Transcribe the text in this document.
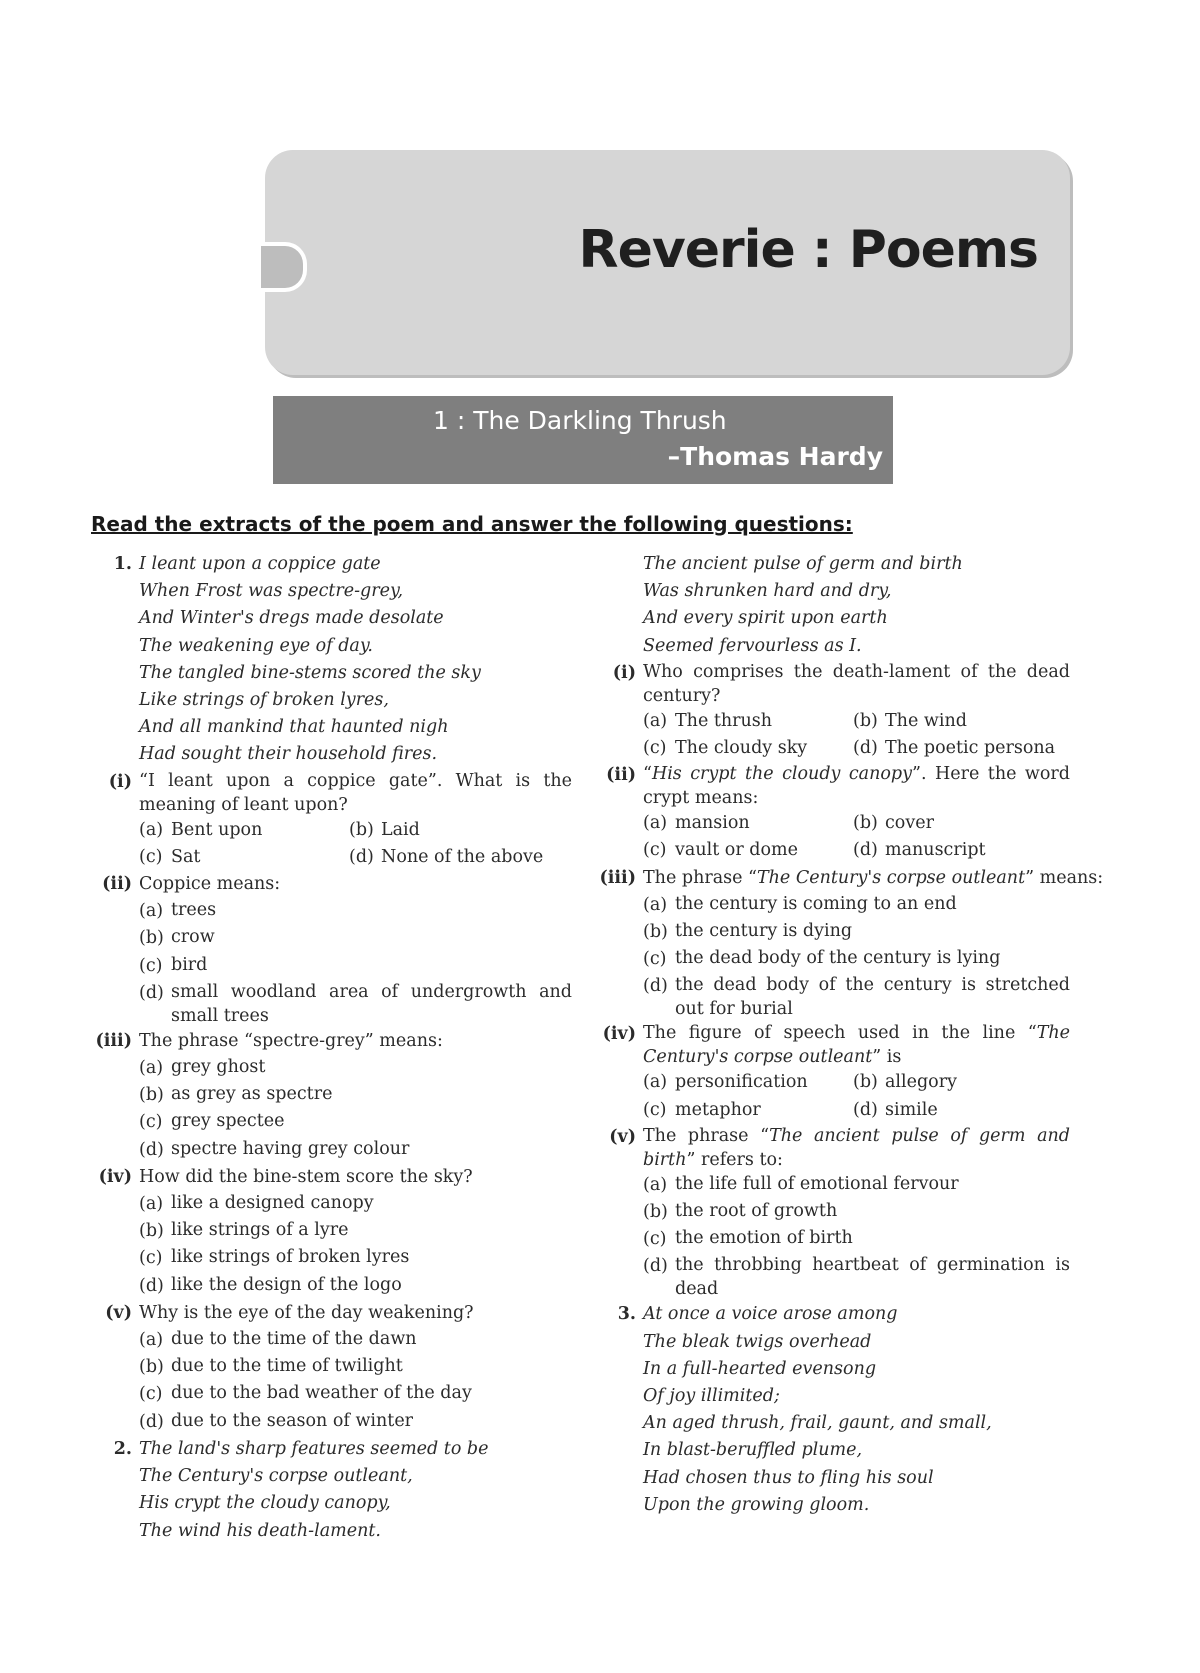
Reverie : Poems
1 : The Darkling Thrush
–Thomas Hardy
Read the extracts of the poem and answer the following questions:
1. I leant upon a coppice gate
When Frost was spectre-grey,
And Winter's dregs made desolate
The weakening eye of day.
The tangled bine-stems scored the sky
Like strings of broken lyres,
And all mankind that haunted nigh
Had sought their household fires.
(i) “I leant upon a coppice gate”. What is the meaning of leant upon?
(a) Bent upon	(b) Laid
(c) Sat	(d) None of the above
(ii) Coppice means:
(a) trees
(b) crow
(c) bird
(d) small woodland area of undergrowth and small trees
(iii) The phrase “spectre-grey” means:
(a) grey ghost
(b) as grey as spectre
(c) grey spectee
(d) spectre having grey colour
(iv) How did the bine-stem score the sky?
(a) like a designed canopy
(b) like strings of a lyre
(c) like strings of broken lyres
(d) like the design of the logo
(v) Why is the eye of the day weakening?
(a) due to the time of the dawn
(b) due to the time of twilight
(c) due to the bad weather of the day
(d) due to the season of winter
2. The land's sharp features seemed to be
The Century's corpse outleant,
His crypt the cloudy canopy,
The wind his death-lament.
The ancient pulse of germ and birth
Was shrunken hard and dry,
And every spirit upon earth
Seemed fervourless as I.
(i) Who comprises the death-lament of the dead century?
(a) The thrush	(b) The wind
(c) The cloudy sky	(d) The poetic persona
(ii) “His crypt the cloudy canopy”. Here the word crypt means:
(a) mansion	(b) cover
(c) vault or dome	(d) manuscript
(iii) The phrase “The Century's corpse outleant” means:
(a) the century is coming to an end
(b) the century is dying
(c) the dead body of the century is lying
(d) the dead body of the century is stretched out for burial
(iv) The figure of speech used in the line “The Century's corpse outleant” is
(a) personification	(b) allegory
(c) metaphor	(d) simile
(v) The phrase “The ancient pulse of germ and birth” refers to:
(a) the life full of emotional fervour
(b) the root of growth
(c) the emotion of birth
(d) the throbbing heartbeat of germination is dead
3. At once a voice arose among
The bleak twigs overhead
In a full-hearted evensong
Of joy illimited;
An aged thrush, frail, gaunt, and small,
In blast-beruffled plume,
Had chosen thus to fling his soul
Upon the growing gloom.
